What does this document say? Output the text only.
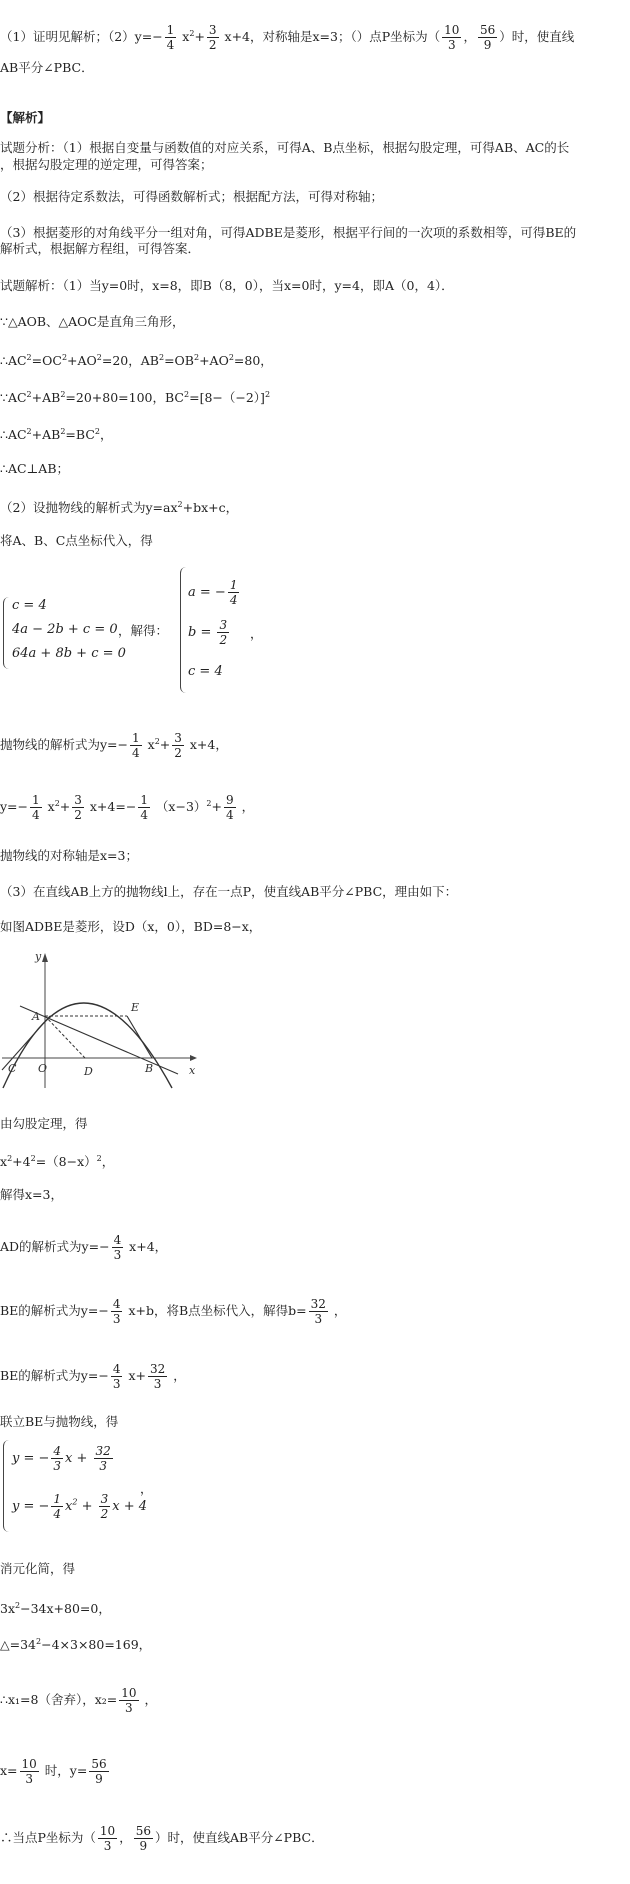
（1）证明见解析；$(2)y=- \frac{1}{4} x^2+ \frac{3}{2} x+4$，对称轴是x=3；（）点P坐标为（ $\frac{10}{3}$ ， $\frac{56}{9}$ ）时，使直线
AB平分∠PBC．
【解析】
试题分析：（1）根据自变量与函数值的对应关系，可得A、B点坐标，根据勾股定理，可得AB、AC的长
，根据勾股定理的逆定理，可得答案；
（2）根据待定系数法，可得函数解析式；根据配方法，可得对称轴；
（3）根据菱形的对角线平分一组对角，可得ADBE是菱形，根据平行间的一次项的系数相等，可得BE的
解析式，根据解方程组，可得答案．
试题解析：（1）当y=0时，x=8，即B（8，0），当x=0时，y=4，即A（0，4）．
∵△AOB、△AOC是直角三角形，
$\therefore AC^2=OC^2+AO^2=20$，$AB^2=OB^2+AO^2=80$，
$\because AC^2+AB^2=20+80=100$，$BC^2=[8-(-2)]^2$
$\therefore AC^2+AB^2=BC^2$，
∴AC⊥AB；
（2）设抛物线的解析式为$y=ax^2+bx+c$，
将A、B、C点坐标代入，得
c = 4
4a − 2b + c = 0
64a + 8b + c = 0
，解得：
a = − $\frac{1}{4}$
$b = \frac{3}{2}$
c = 4
，
抛物线的解析式为$y=- \frac{1}{4} x^2+ \frac{3}{2} x+4$，
$y=- \frac{1}{4} x^2+ \frac{3}{2} x+4=- \frac{1}{4} (x-3)^2+ \frac{9}{4}$ ，
抛物线的对称轴是x=3；
（3）在直线AB上方的抛物线l上，存在一点P，使直线AB平分∠PBC，理由如下：
如图ADBE是菱形，设D（x，0），BD=8−x，
y
x
A
E
C O	D	B
由勾股定理，得
$x^2+4^2=(8-x)^2$，
解得x=3，
AD的解析式为$y=- \frac{4}{3} x+4$，
BE的解析式为$y=- \frac{4}{3} x+b$，将B点坐标代入，解得$b= \frac{32}{3}$ ，
BE的解析式为$y=- \frac{4}{3} x+ \frac{32}{3}$ ，
联立BE与抛物线，得
y = − $\frac{4}{3}$ $x + \frac{32}{3}$
y = − $\frac{1}{4} x^2 + \frac{3}{2}$ x + 4
，
消元化简，得
$3x^2-34x+80=0$，
$\triangle=34^2-4\times 3\times 80=169$，
∴x₁=8（舍弃），$x_2= \frac{10}{3}$ ，
$x= \frac{10}{3}$ 时，$y= \frac{56}{9}$
∴当点P坐标为（ $\frac{10}{3}$ ， $\frac{56}{9}$ ）时，使直线AB平分∠PBC．
